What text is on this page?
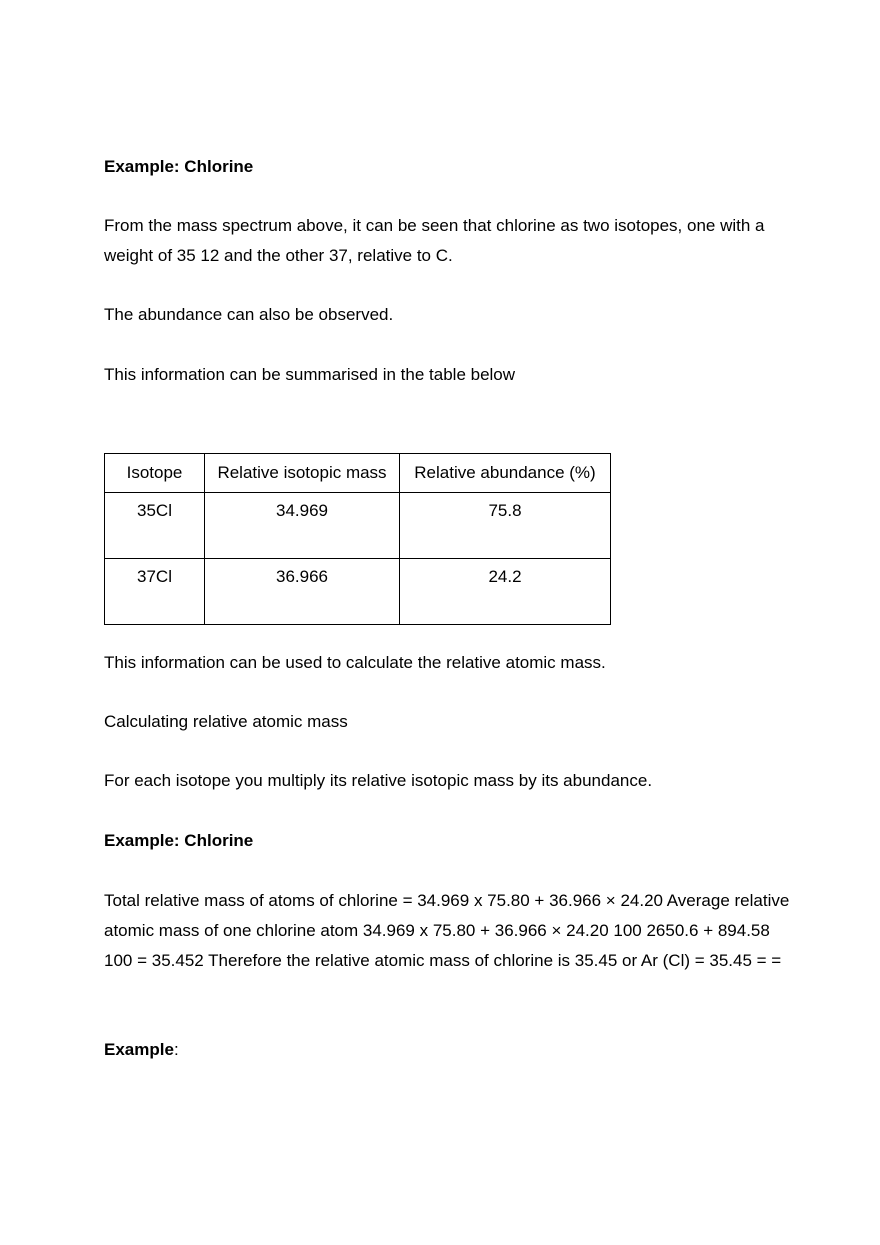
Example: Chlorine

From the mass spectrum above, it can be seen that chlorine as two isotopes, one with a weight of 35 12 and the other 37, relative to C.

The abundance can also be observed.

This information can be summarised in the table below

Isotope	Relative isotopic mass	Relative abundance (%)
35Cl	34.969	75.8
37Cl	36.966	24.2

This information can be used to calculate the relative atomic mass.

Calculating relative atomic mass

For each isotope you multiply its relative isotopic mass by its abundance.

Example: Chlorine

Total relative mass of atoms of chlorine = 34.969 x 75.80 + 36.966 × 24.20 Average relative atomic mass of one chlorine atom 34.969 x 75.80 + 36.966 × 24.20 100 2650.6 + 894.58 100 = 35.452 Therefore the relative atomic mass of chlorine is 35.45 or Ar (Cl) = 35.45 = =

Example:
